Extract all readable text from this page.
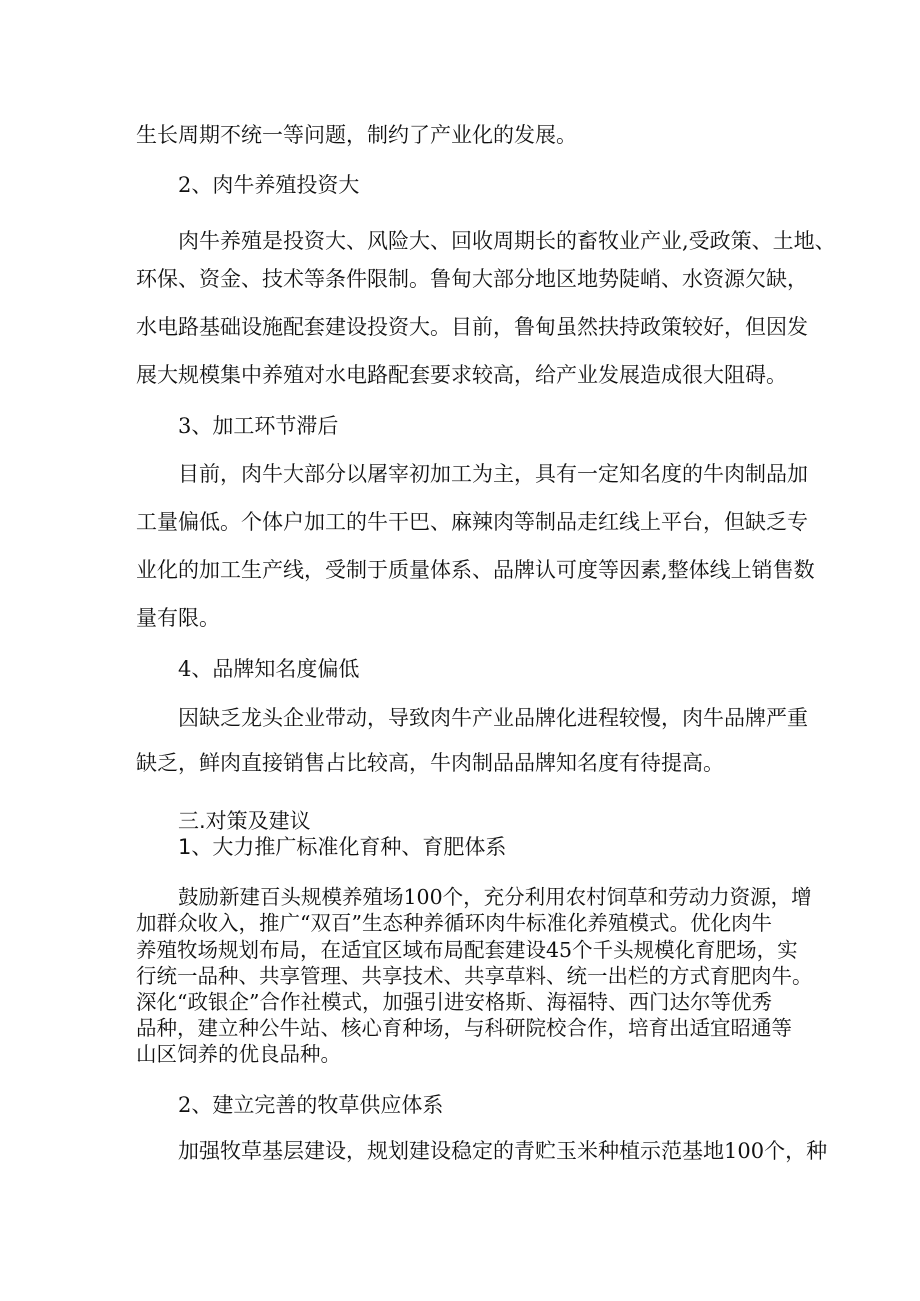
生长周期不统一等问题，制约了产业化的发展。
2、肉牛养殖投资大
肉牛养殖是投资大、风险大、回收周期长的畜牧业产业,受政策、土地、
环保、资金、技术等条件限制。鲁甸大部分地区地势陡峭、水资源欠缺，
水电路基础设施配套建设投资大。目前，鲁甸虽然扶持政策较好，但因发
展大规模集中养殖对水电路配套要求较高，给产业发展造成很大阻碍。
3、加工环节滞后
目前，肉牛大部分以屠宰初加工为主，具有一定知名度的牛肉制品加
工量偏低。个体户加工的牛干巴、麻辣肉等制品走红线上平台，但缺乏专
业化的加工生产线，受制于质量体系、品牌认可度等因素,整体线上销售数
量有限。
4、品牌知名度偏低
因缺乏龙头企业带动，导致肉牛产业品牌化进程较慢，肉牛品牌严重
缺乏，鲜肉直接销售占比较高，牛肉制品品牌知名度有待提高。
三.对策及建议
1、大力推广标准化育种、育肥体系
鼓励新建百头规模养殖场100个，充分利用农村饲草和劳动力资源，增
加群众收入，推广“双百”生态种养循环肉牛标准化养殖模式。优化肉牛
养殖牧场规划布局，在适宜区域布局配套建设45个千头规模化育肥场，实
行统一品种、共享管理、共享技术、共享草料、统一出栏的方式育肥肉牛。
深化“政银企”合作社模式，加强引进安格斯、海福特、西门达尔等优秀
品种，建立种公牛站、核心育种场，与科研院校合作，培育出适宜昭通等
山区饲养的优良品种。
2、建立完善的牧草供应体系
加强牧草基层建设，规划建设稳定的青贮玉米种植示范基地100个，种
